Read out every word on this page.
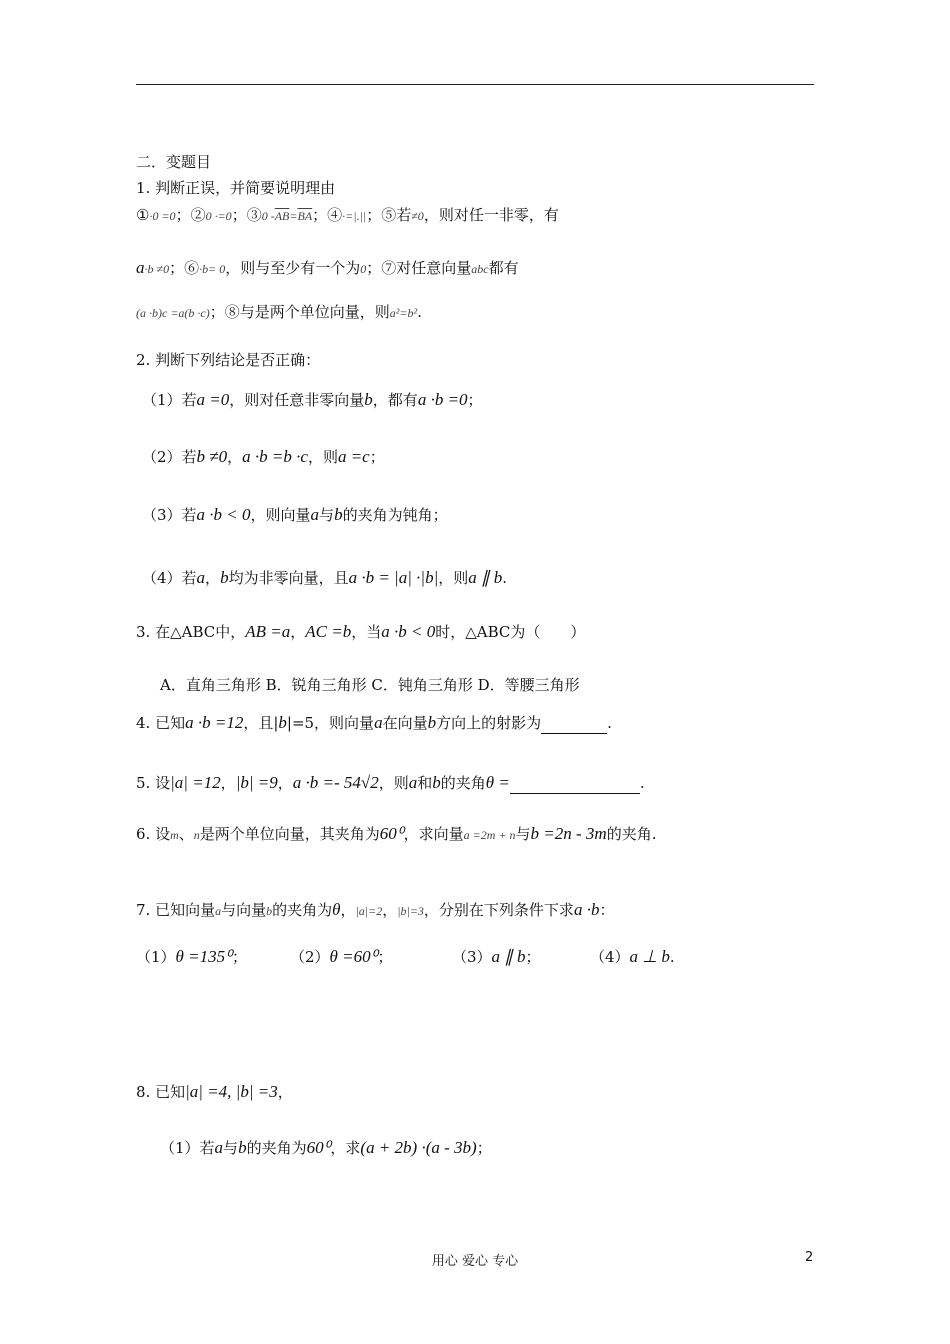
二．变题目
1. 判断正误，并简要说明理由
①·0 =0；②0 ·=0；③0 $-\overline{AB}=\overline{BA}$；④·=|.||；⑤若≠0，则对任一非零，有
a·b ≠0；⑥·b= 0，则与至少有一个为0；⑦对任意向量abc都有
(a ·b)c =a(b ·c)；⑧与是两个单位向量，则a²=b².
2. 判断下列结论是否正确：
（1）若a =0，则对任意非零向量b，都有a ·b =0；
（2）若b ≠0，a ·b =b ·c，则a =c；
（3）若a ·b < 0，则向量a与b的夹角为钝角；
（4）若a，b均为非零向量，且a ·b = |a| ·|b|，则a ∥ b.
3. 在△ABC中，AB =a，AC =b，当a ·b < 0时，△ABC为（　　）
A．直角三角形 B．锐角三角形 C．钝角三角形 D．等腰三角形
4. 已知a ·b =12，且|b|=5，则向量a在向量b方向上的射影为	.
5. 设|a| =12，|b| =9，a ·b =- 54√2，则a和b的夹角θ =	.
6. 设m、n是两个单位向量，其夹角为60⁰，求向量a =2m + n与b =2n - 3m的夹角.
7. 已知向量a与向量b的夹角为θ，|a|=2，|b|=3，分别在下列条件下求a ·b：
（1）θ =135⁰；	（2）θ =60⁰；	（3）a ∥ b；	（4）a ⊥ b.
8. 已知|a| =4, |b| =3，
（1）若a与b的夹角为60⁰，求(a + 2b) ·(a - 3b)；
用心 爱心 专心	2
